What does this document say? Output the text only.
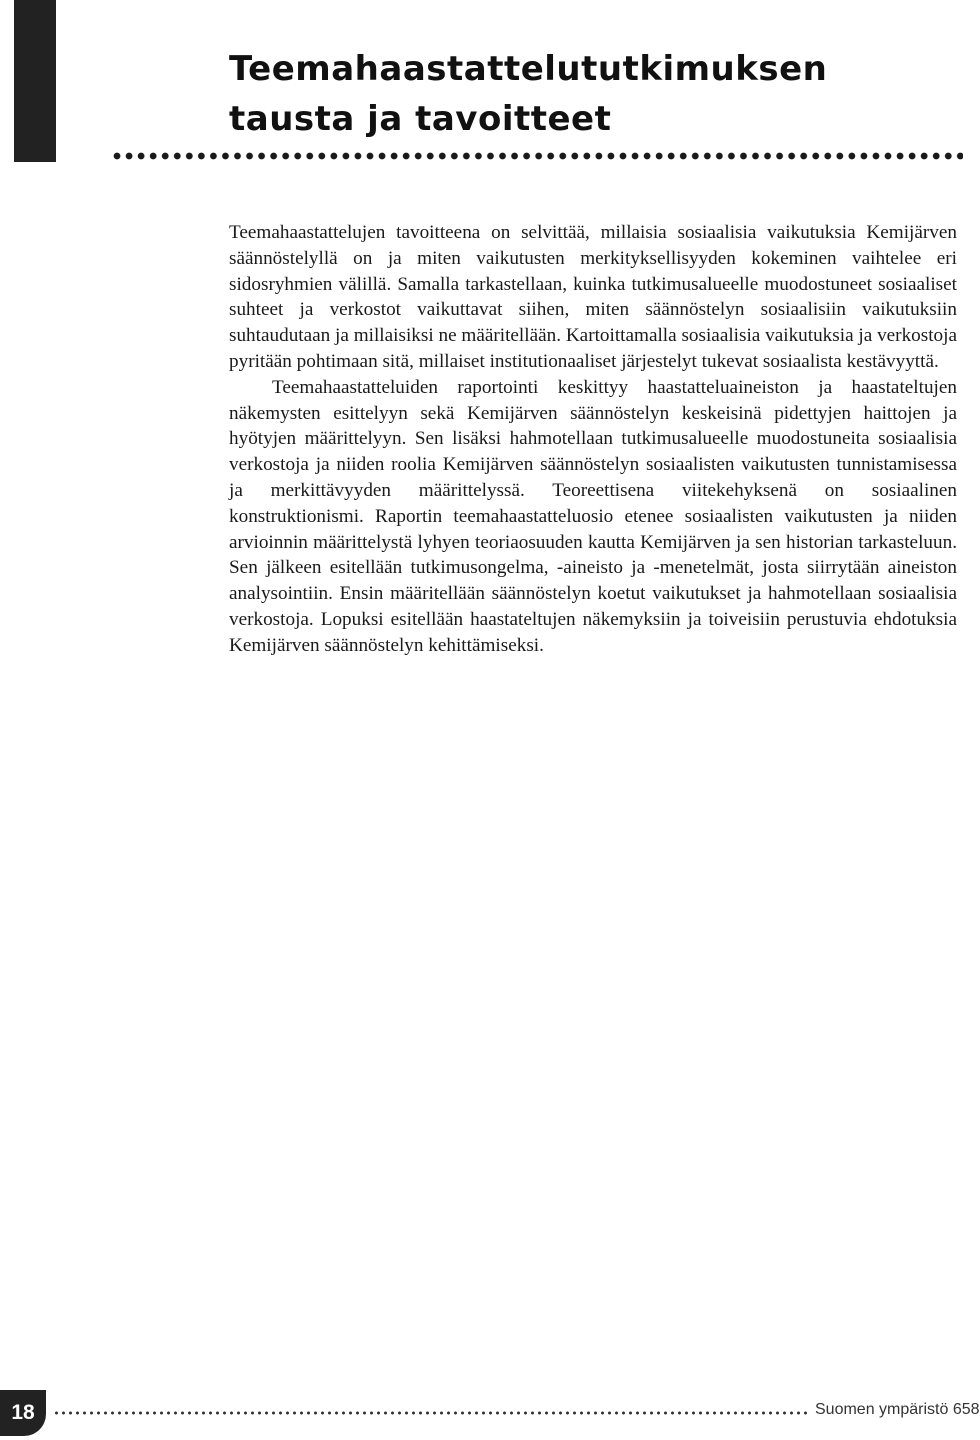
Teemahaastattelututkimuksen
tausta ja tavoitteet

Teemahaastattelujen tavoitteena on selvittää, millaisia sosiaalisia vaikutuksia Kemijärven säännöstelyllä on ja miten vaikutusten merkityksellisyyden kokeminen vaihtelee eri sidosryhmien välillä. Samalla tarkastellaan, kuinka tutkimusalueelle muodostuneet sosiaaliset suhteet ja verkostot vaikuttavat siihen, miten säännöstelyn sosiaalisiin vaikutuksiin suhtaudutaan ja millaisiksi ne määritellään. Kartoittamalla sosiaalisia vaikutuksia ja verkostoja pyritään pohtimaan sitä, millaiset institutionaaliset järjestelyt tukevat sosiaalista kestävyyttä.

Teemahaastatteluiden raportointi keskittyy haastatteluaineiston ja haastateltujen näkemysten esittelyyn sekä Kemijärven säännöstelyn keskeisinä pidettyjen haittojen ja hyötyjen määrittelyyn. Sen lisäksi hahmotellaan tutkimusalueelle muodostuneita sosiaalisia verkostoja ja niiden roolia Kemijärven säännöstelyn sosiaalisten vaikutusten tunnistamisessa ja merkittävyyden määrittelyssä. Teoreettisena viitekehyksenä on sosiaalinen konstruktionismi. Raportin teemahaastatteluosio etenee sosiaalisten vaikutusten ja niiden arvioinnin määrittelystä lyhyen teoriaosuuden kautta Kemijärven ja sen historian tarkasteluun. Sen jälkeen esitellään tutkimusongelma, -aineisto ja -menetelmät, josta siirrytään aineiston analysointiin. Ensin määritellään säännöstelyn koetut vaikutukset ja hahmotellaan sosiaalisia verkostoja. Lopuksi esitellään haastateltujen näkemyksiin ja toiveisiin perustuvia ehdotuksia Kemijärven säännöstelyn kehittämiseksi.

18	Suomen ympäristö 658
